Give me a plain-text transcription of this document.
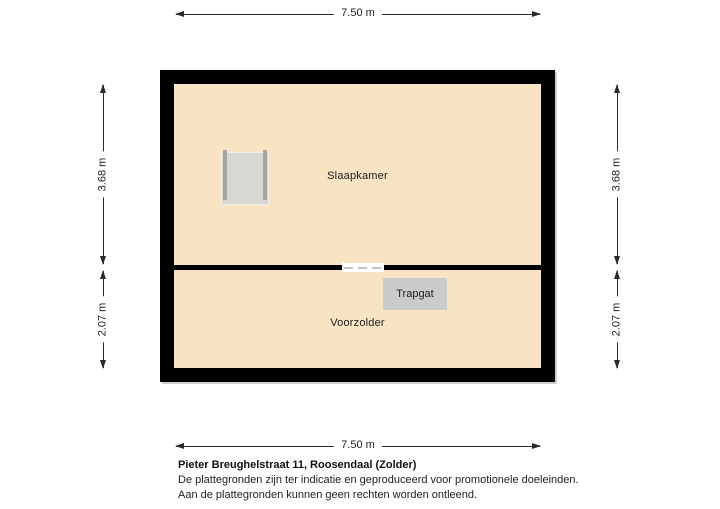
7.50 m
3.68 m
2.07 m
3.68 m
2.07 m
Slaapkamer
Voorzolder
Trapgat
7.50 m
Pieter Breughelstraat 11, Roosendaal (Zolder)
De plattegronden zijn ter indicatie en geproduceerd voor promotionele doeleinden.
Aan de plattegronden kunnen geen rechten worden ontleend.
